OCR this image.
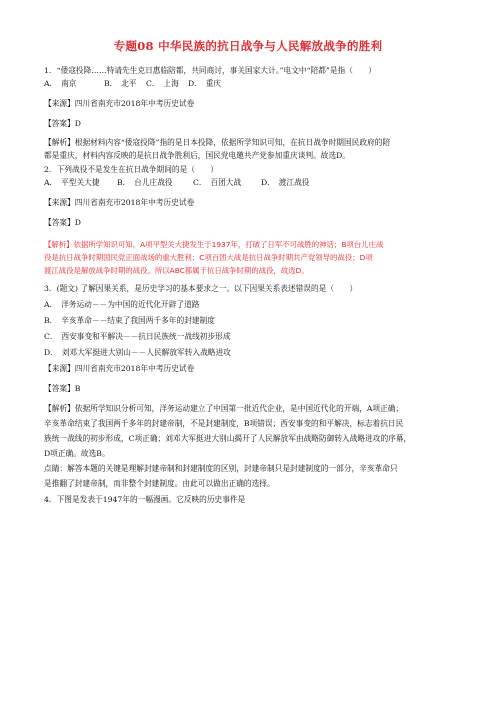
专题08 中华民族的抗日战争与人民解放战争的胜利
1．“倭寇投降……特请先生克日惠临陪都，共同商讨，事关国家大计。”电文中“陪都”是指（　　）
A．　南京	B．　北平 C．　上海 D．　重庆
【来源】四川省南充市2018年中考历史试卷
【答案】D
【解析】根据材料内容“倭寇投降”指的是日本投降，依据所学知识可知，在抗日战争时期国民政府的陪
都是重庆，材料内容反映的是抗日战争胜利后，国民党电邀共产党参加重庆谈判。故选D。
2．下列战役不是发生在抗日战争期间的是（　　）
A．　平型关大捷 B．　台儿庄战役	C．　百团大战	D．　渡江战役
【来源】四川省南充市2018年中考历史试卷
【答案】D
【解析】依据所学知识可知，A项平型关大捷发生于1937年，打破了日军不可战胜的神话；B项台儿庄战
役是抗日战争时期国民党正面战场的重大胜利；C项百团大战是抗日战争时期共产党领导的战役；D项
渡江战役是解放战争时期的战役。所以ABC都属于抗日战争时期的战役，故选D。
3．(题文) 了解因果关系，是历史学习的基本要求之一。以下因果关系表述错误的是（　　）
A．　洋务运动－－为中国的近代化开辟了道路
B．　辛亥革命－－结束了我国两千多年的封建制度
C．　西安事变和平解决－－抗日民族统一战线初步形成
D．　刘邓大军挺进大别山－－人民解放军转入战略进攻
【来源】四川省南充市2018年中考历史试卷
【答案】B
【解析】依据所学知识分析可知，洋务运动建立了中国第一批近代企业，是中国近代化的开端，A项正确；
辛亥革命结束了我国两千多年的封建帝制，不是封建制度，B项错误；西安事变的和平解决，标志着抗日民
族统一战线的初步形成，C项正确；刘邓大军挺进大别山揭开了人民解放军由战略防御转入战略进攻的序幕，
D项正确。故选B。
点睛：解答本题的关键是理解封建帝制和封建制度的区别，封建帝制只是封建制度的一部分，辛亥革命只
是推翻了封建帝制，而非整个封建制度。由此可以做出正确的选择。
4．下图是发表于1947年的一幅漫画。它反映的历史事件是
